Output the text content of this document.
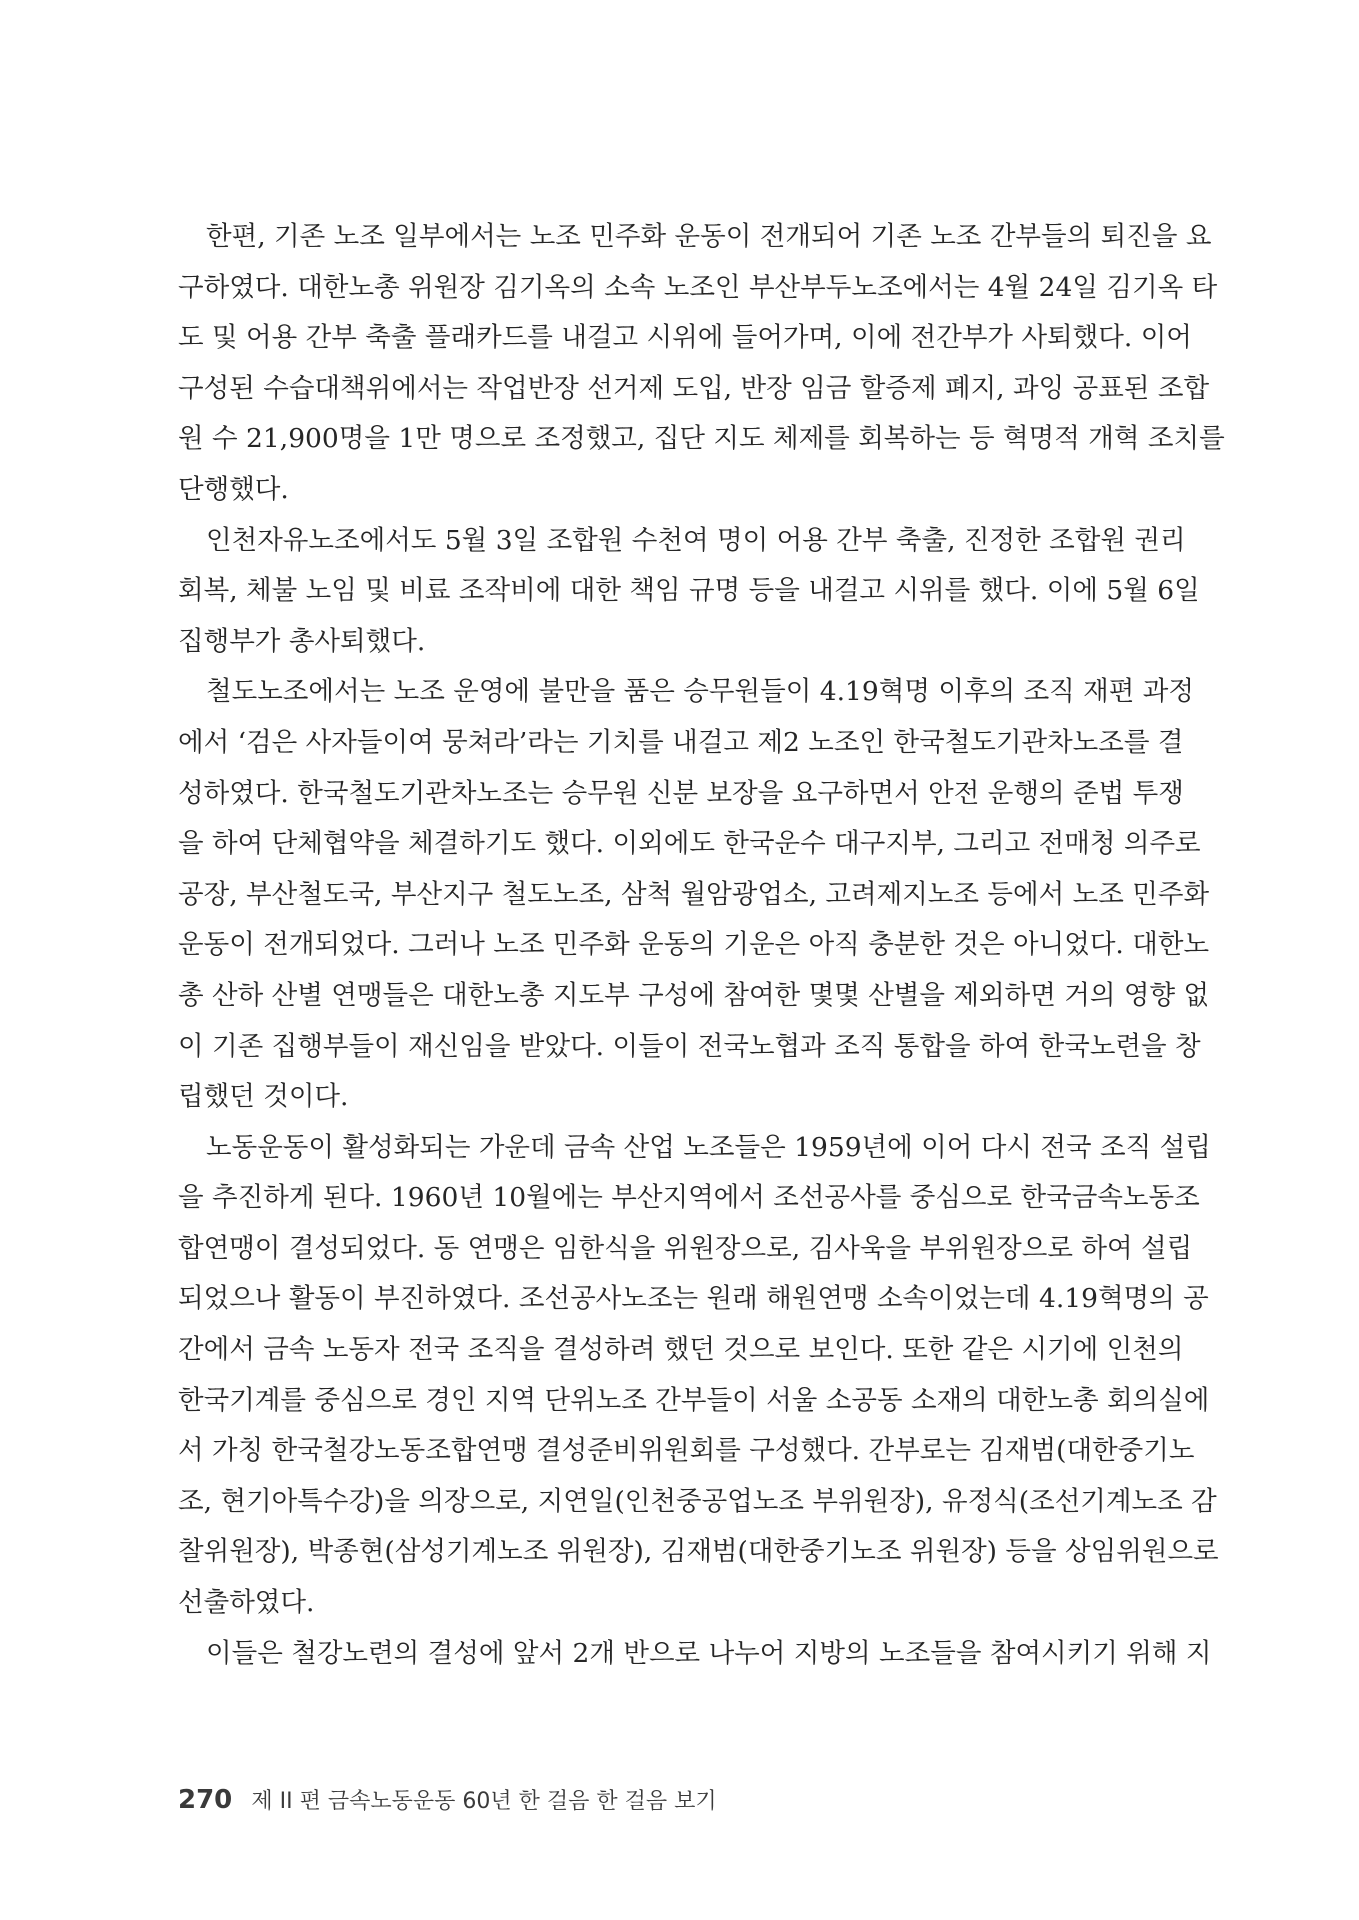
한편, 기존 노조 일부에서는 노조 민주화 운동이 전개되어 기존 노조 간부들의 퇴진을 요
구하였다. 대한노총 위원장 김기옥의 소속 노조인 부산부두노조에서는 4월 24일 김기옥 타
도 및 어용 간부 축출 플래카드를 내걸고 시위에 들어가며, 이에 전간부가 사퇴했다. 이어
구성된 수습대책위에서는 작업반장 선거제 도입, 반장 임금 할증제 폐지, 과잉 공표된 조합
원 수 21,900명을 1만 명으로 조정했고, 집단 지도 체제를 회복하는 등 혁명적 개혁 조치를
단행했다.
인천자유노조에서도 5월 3일 조합원 수천여 명이 어용 간부 축출, 진정한 조합원 권리
회복, 체불 노임 및 비료 조작비에 대한 책임 규명 등을 내걸고 시위를 했다. 이에 5월 6일
집행부가 총사퇴했다.
철도노조에서는 노조 운영에 불만을 품은 승무원들이 4.19혁명 이후의 조직 재편 과정
에서 ‘검은 사자들이여 뭉쳐라’라는 기치를 내걸고 제2 노조인 한국철도기관차노조를 결
성하였다. 한국철도기관차노조는 승무원 신분 보장을 요구하면서 안전 운행의 준법 투쟁
을 하여 단체협약을 체결하기도 했다. 이외에도 한국운수 대구지부, 그리고 전매청 의주로
공장, 부산철도국, 부산지구 철도노조, 삼척 월암광업소, 고려제지노조 등에서 노조 민주화
운동이 전개되었다. 그러나 노조 민주화 운동의 기운은 아직 충분한 것은 아니었다. 대한노
총 산하 산별 연맹들은 대한노총 지도부 구성에 참여한 몇몇 산별을 제외하면 거의 영향 없
이 기존 집행부들이 재신임을 받았다. 이들이 전국노협과 조직 통합을 하여 한국노련을 창
립했던 것이다.
노동운동이 활성화되는 가운데 금속 산업 노조들은 1959년에 이어 다시 전국 조직 설립
을 추진하게 된다. 1960년 10월에는 부산지역에서 조선공사를 중심으로 한국금속노동조
합연맹이 결성되었다. 동 연맹은 임한식을 위원장으로, 김사욱을 부위원장으로 하여 설립
되었으나 활동이 부진하였다. 조선공사노조는 원래 해원연맹 소속이었는데 4.19혁명의 공
간에서 금속 노동자 전국 조직을 결성하려 했던 것으로 보인다. 또한 같은 시기에 인천의
한국기계를 중심으로 경인 지역 단위노조 간부들이 서울 소공동 소재의 대한노총 회의실에
서 가칭 한국철강노동조합연맹 결성준비위원회를 구성했다. 간부로는 김재범(대한중기노
조, 현기아특수강)을 의장으로, 지연일(인천중공업노조 부위원장), 유정식(조선기계노조 감
찰위원장), 박종현(삼성기계노조 위원장), 김재범(대한중기노조 위원장) 등을 상임위원으로
선출하였다.
이들은 철강노련의 결성에 앞서 2개 반으로 나누어 지방의 노조들을 참여시키기 위해 지
270 제 II 편 금속노동운동 60년 한 걸음 한 걸음 보기
